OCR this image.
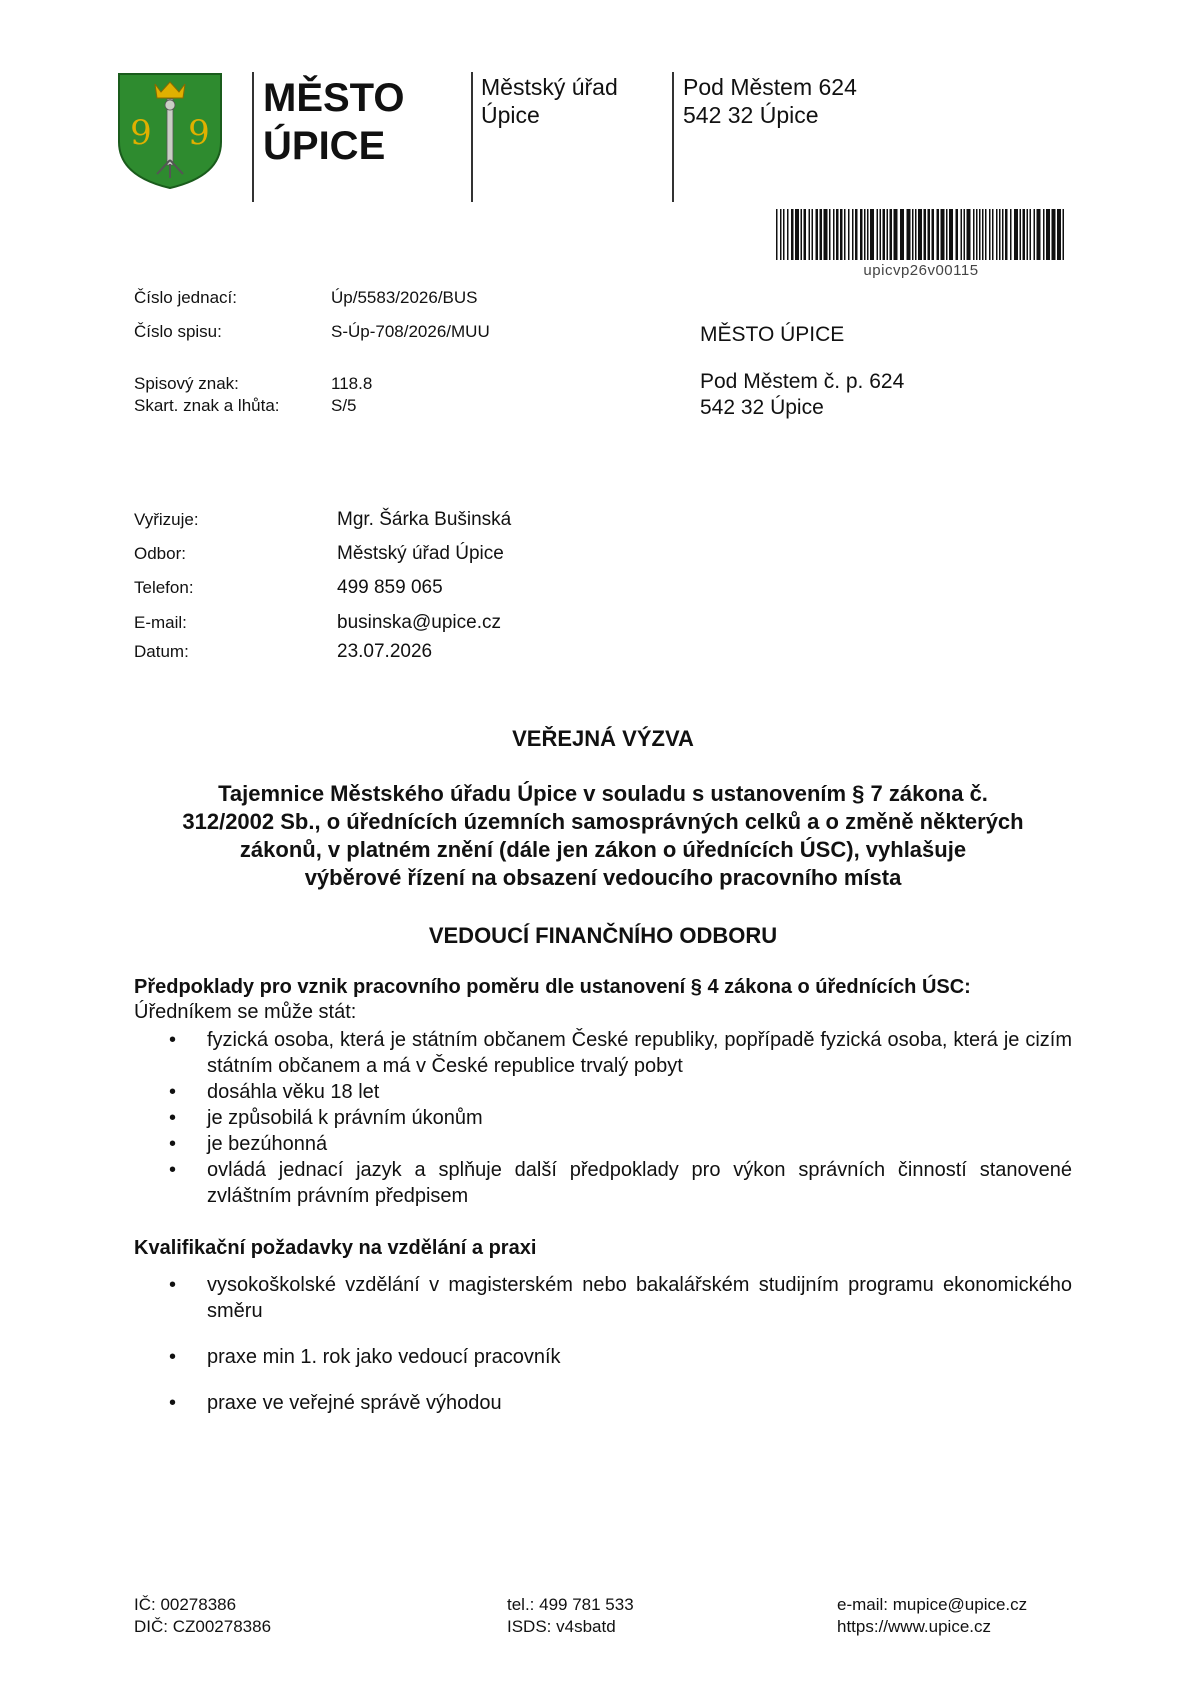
9 9
MĚSTO
ÚPICE
Městský úřad
Úpice
Pod Městem 624
542 32 Úpice
upicvp26v00115
Číslo jednací:	Úp/5583/2026/BUS
Číslo spisu:	S-Úp-708/2026/MUU
Spisový znak:	118.8
Skart. znak a lhůta:	S/5
MĚSTO ÚPICE
Pod Městem č. p. 624
542 32 Úpice
Vyřizuje:	Mgr. Šárka Bušinská
Odbor:	Městský úřad Úpice
Telefon:	499 859 065
E-mail:	businska@upice.cz
Datum:	23.07.2026
VEŘEJNÁ VÝZVA
Tajemnice Městského úřadu Úpice v souladu s ustanovením § 7 zákona č.
312/2002 Sb., o úřednících územních samosprávných celků a o změně některých
zákonů, v platném znění (dále jen zákon o úřednících ÚSC), vyhlašuje
výběrové řízení na obsazení vedoucího pracovního místa
VEDOUCÍ FINANČNÍHO ODBORU
Předpoklady pro vznik pracovního poměru dle ustanovení § 4 zákona o úřednících ÚSC:
Úředníkem se může stát:
• fyzická osoba, která je státním občanem České republiky, popřípadě fyzická osoba, která je cizím státním občanem a má v České republice trvalý pobyt
• dosáhla věku 18 let
• je způsobilá k právním úkonům
• je bezúhonná
• ovládá jednací jazyk a splňuje další předpoklady pro výkon správních činností stanovené zvláštním právním předpisem
Kvalifikační požadavky na vzdělání a praxi
• vysokoškolské vzdělání v magisterském nebo bakalářském studijním programu ekonomického směru
• praxe min 1. rok jako vedoucí pracovník
• praxe ve veřejné správě výhodou
IČ: 00278386
DIČ: CZ00278386
tel.: 499 781 533
ISDS: v4sbatd
e-mail: mupice@upice.cz
https://www.upice.cz
